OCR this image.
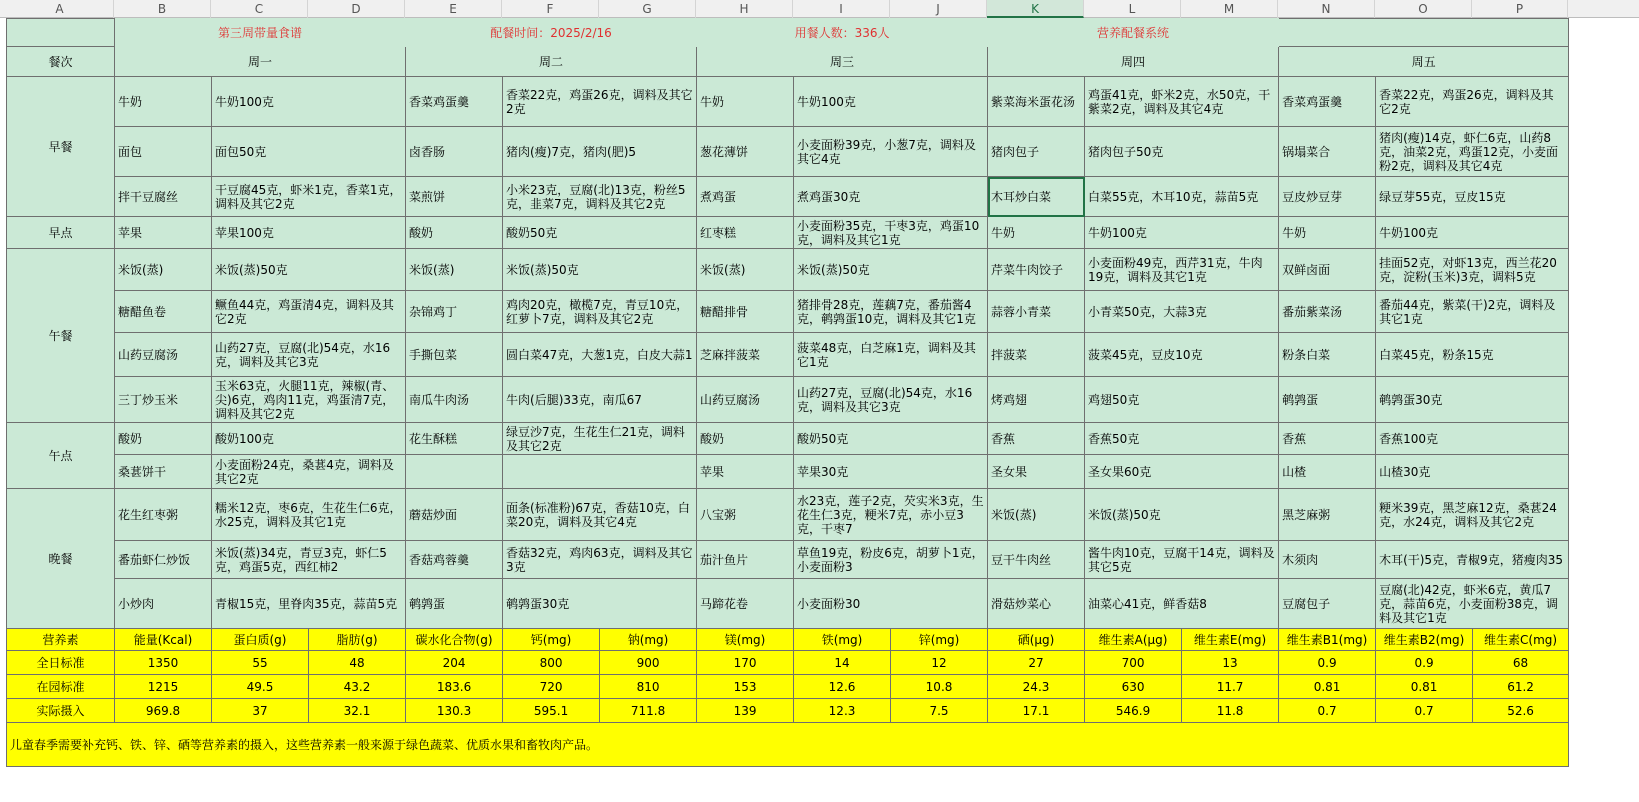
A	B	C	D	E	F	G	H	I	J	K	L	M	N	O	P
	第三周带量食谱			配餐时间：2025/2/16			用餐人数：336人			营养配餐系统					
餐次	周一			周二			周三			周四			周五		
早餐	牛奶	牛奶100克		香菜鸡蛋羹	香菜22克，鸡蛋26克，调料及其它2克		牛奶	牛奶100克		紫菜海米蛋花汤	鸡蛋41克，虾米2克，水50克，干紫菜2克，调料及其它4克		香菜鸡蛋羹	香菜22克，鸡蛋26克，调料及其它2克	
	面包	面包50克		卤香肠	猪肉(瘦)7克，猪肉(肥)5		葱花薄饼	小麦面粉39克，小葱7克，调料及其它4克		猪肉包子	猪肉包子50克		锅塌菜合	猪肉(瘦)14克，虾仁6克，山药8克，油菜2克，鸡蛋12克，小麦面粉2克，调料及其它4克	
	拌干豆腐丝	干豆腐45克，虾米1克，香菜1克，调料及其它2克		菜煎饼	小米23克，豆腐(北)13克，粉丝5克，韭菜7克，调料及其它2克		煮鸡蛋	煮鸡蛋30克		木耳炒白菜	白菜55克，木耳10克，蒜苗5克		豆皮炒豆芽	绿豆芽55克，豆皮15克	
早点	苹果	苹果100克		酸奶	酸奶50克		红枣糕	小麦面粉35克，干枣3克，鸡蛋10克，调料及其它1克		牛奶	牛奶100克		牛奶	牛奶100克	
午餐	米饭(蒸)	米饭(蒸)50克		米饭(蒸)	米饭(蒸)50克		米饭(蒸)	米饭(蒸)50克		芹菜牛肉饺子	小麦面粉49克，西芹31克，牛肉19克，调料及其它1克		双鲜卤面	挂面52克，对虾13克，西兰花20克，淀粉(玉米)3克，调料5克	
	糖醋鱼卷	鳜鱼44克，鸡蛋清4克，调料及其它2克		杂锦鸡丁	鸡肉20克，橄榄7克，青豆10克，红萝卜7克，调料及其它2克		糖醋排骨	猪排骨28克，莲藕7克，番茄酱4克，鹌鹑蛋10克，调料及其它1克		蒜蓉小青菜	小青菜50克，大蒜3克		番茄紫菜汤	番茄44克，紫菜(干)2克，调料及其它1克	
	山药豆腐汤	山药27克，豆腐(北)54克，水16克，调料及其它3克		手撕包菜	圆白菜47克，大葱1克，白皮大蒜1		芝麻拌菠菜	菠菜48克，白芝麻1克，调料及其它1克		拌菠菜	菠菜45克，豆皮10克		粉条白菜	白菜45克，粉条15克	
	三丁炒玉米	玉米63克，火腿11克，辣椒(青、尖)6克，鸡肉11克，鸡蛋清7克，调料及其它2克		南瓜牛肉汤	牛肉(后腿)33克，南瓜67		山药豆腐汤	山药27克，豆腐(北)54克，水16克，调料及其它3克		烤鸡翅	鸡翅50克		鹌鹑蛋	鹌鹑蛋30克	
午点	酸奶	酸奶100克		花生酥糕	绿豆沙7克，生花生仁21克，调料及其它2克		酸奶	酸奶50克		香蕉	香蕉50克		香蕉	香蕉100克	
	桑葚饼干	小麦面粉24克，桑葚4克，调料及其它2克					苹果	苹果30克		圣女果	圣女果60克		山楂	山楂30克	
晚餐	花生红枣粥	糯米12克，枣6克，生花生仁6克，水25克，调料及其它1克		蘑菇炒面	面条(标准粉)67克，香菇10克，白菜20克，调料及其它4克		八宝粥	水23克，莲子2克，芡实米3克，生花生仁3克，粳米7克，赤小豆3克，干枣7		米饭(蒸)	米饭(蒸)50克		黑芝麻粥	粳米39克，黑芝麻12克，桑葚24克，水24克，调料及其它2克	
	番茄虾仁炒饭	米饭(蒸)34克，青豆3克，虾仁5克，鸡蛋5克，西红柿2		香菇鸡蓉羹	香菇32克，鸡肉63克，调料及其它3克		茄汁鱼片	草鱼19克，粉皮6克，胡萝卜1克，小麦面粉3		豆干牛肉丝	酱牛肉10克，豆腐干14克，调料及其它5克		木须肉	木耳(干)5克，青椒9克，猪瘦肉35	
	小炒肉	青椒15克，里脊肉35克，蒜苗5克		鹌鹑蛋	鹌鹑蛋30克		马蹄花卷	小麦面粉30		滑菇炒菜心	油菜心41克，鲜香菇8		豆腐包子	豆腐(北)42克，虾米6克，黄瓜7克，蒜苗6克，小麦面粉38克，调料及其它1克	
营养素	能量(Kcal)	蛋白质(g)	脂肪(g)	碳水化合物(g)	钙(mg)	钠(mg)	镁(mg)	铁(mg)	锌(mg)	硒(μg)	维生素A(μg)	维生素E(mg)	维生素B1(mg)	维生素B2(mg)	维生素C(mg)
全日标准	1350	55	48	204	800	900	170	14	12	27	700	13	0.9	0.9	68
在园标准	1215	49.5	43.2	183.6	720	810	153	12.6	10.8	24.3	630	11.7	0.81	0.81	61.2
实际摄入	969.8	37	32.1	130.3	595.1	711.8	139	12.3	7.5	17.1	546.9	11.8	0.7	0.7	52.6
儿童春季需要补充钙、铁、锌、硒等营养素的摄入，这些营养素一般来源于绿色蔬菜、优质水果和畜牧肉产品。															
